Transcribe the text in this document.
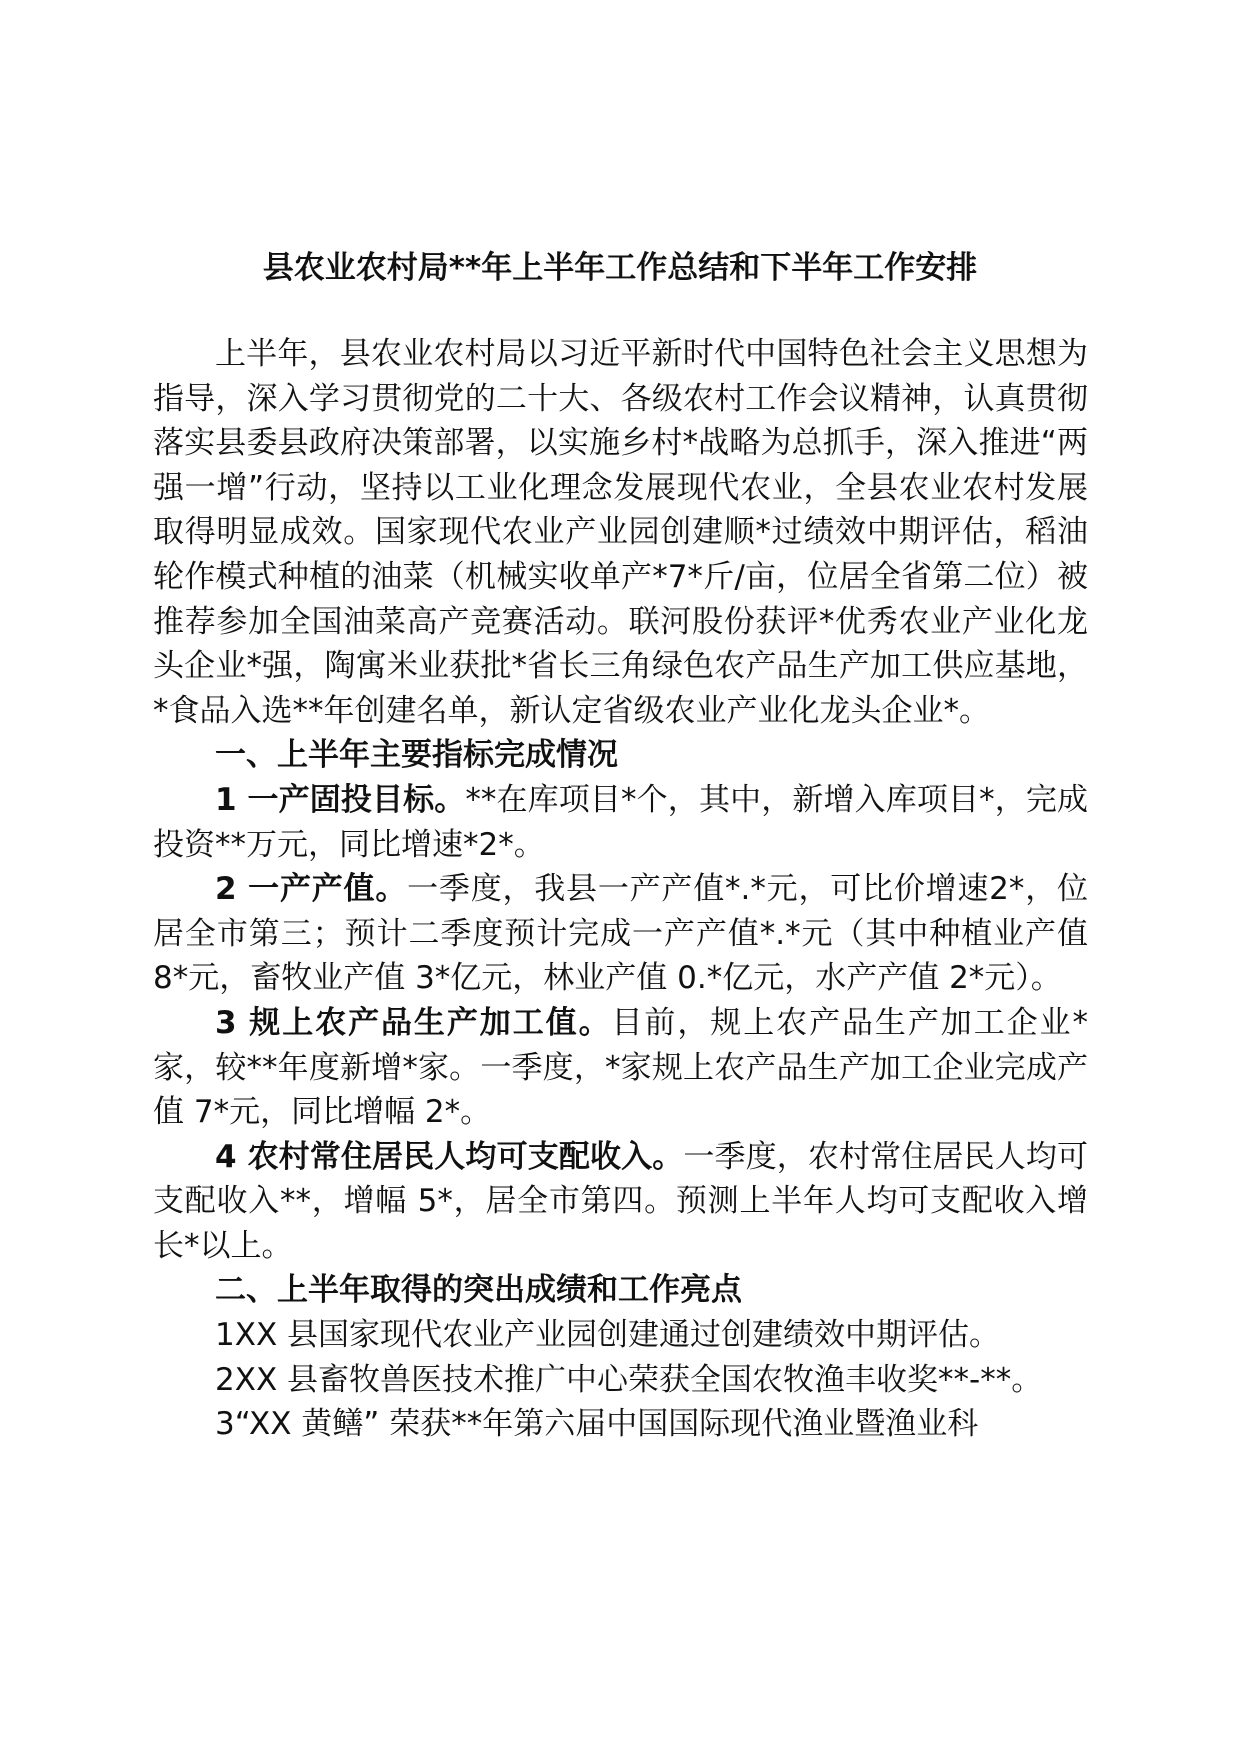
县农业农村局**年上半年工作总结和下半年工作安排

上半年，县农业农村局以习近平新时代中国特色社会主义思想为指导，深入学习贯彻党的二十大、各级农村工作会议精神，认真贯彻落实县委县政府决策部署，以实施乡村*战略为总抓手，深入推进“两强一增”行动，坚持以工业化理念发展现代农业，全县农业农村发展取得明显成效。国家现代农业产业园创建顺*过绩效中期评估，稻油轮作模式种植的油菜（机械实收单产*7*斤/亩，位居全省第二位）被推荐参加全国油菜高产竞赛活动。联河股份获评*优秀农业产业化龙头企业*强，陶寓米业获批*省长三角绿色农产品生产加工供应基地，*食品入选**年创建名单，新认定省级农业产业化龙头企业*。

一、上半年主要指标完成情况

1 一产固投目标。**在库项目*个，其中，新增入库项目*，完成投资**万元，同比增速*2*。

2 一产产值。一季度，我县一产产值*.*元，可比价增速2*，位居全市第三；预计二季度预计完成一产产值*.*元（其中种植业产值 8*元，畜牧业产值 3*亿元，林业产值 0.*亿元，水产产值 2*元）。

3 规上农产品生产加工值。目前，规上农产品生产加工企业*家，较**年度新增*家。一季度，*家规上农产品生产加工企业完成产值 7*元，同比增幅 2*。

4 农村常住居民人均可支配收入。一季度，农村常住居民人均可支配收入**，增幅 5*，居全市第四。预测上半年人均可支配收入增长*以上。

二、上半年取得的突出成绩和工作亮点

1XX 县国家现代农业产业园创建通过创建绩效中期评估。

2XX 县畜牧兽医技术推广中心荣获全国农牧渔丰收奖**-**。

3“XX 黄鳝” 荣获**年第六届中国国际现代渔业暨渔业科
